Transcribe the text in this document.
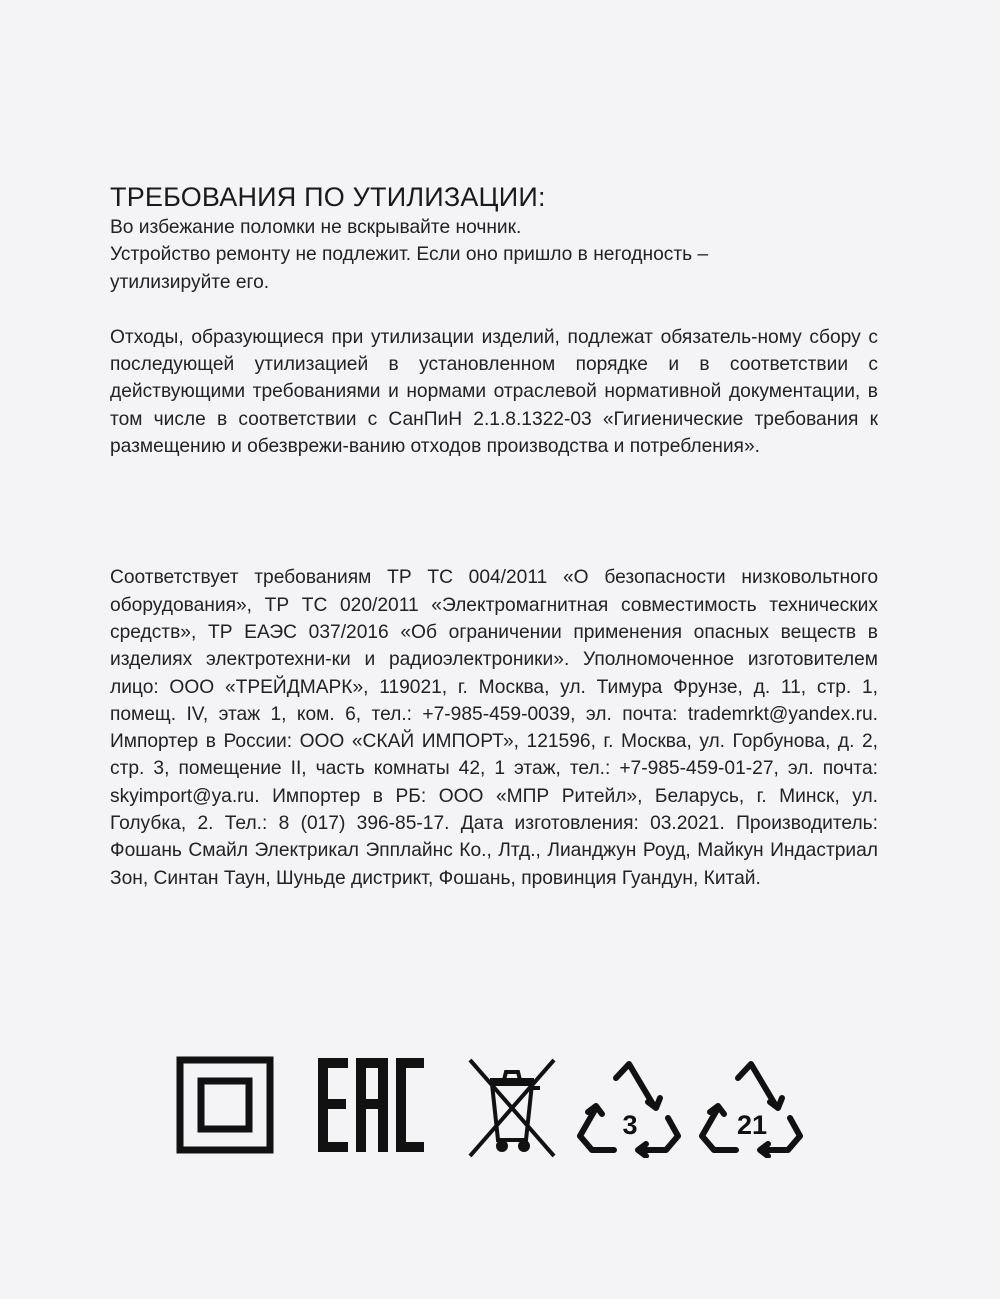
ТРЕБОВАНИЯ ПО УТИЛИЗАЦИИ:

Во избежание поломки не вскрывайте ночник.

Устройство ремонту не подлежит. Если оно пришло в негодность –

утилизируйте его.

Отходы, образующиеся при утилизации изделий, подлежат обязатель-ному сбору с последующей утилизацией в установленном порядке и в соответствии с действующими требованиями и нормами отраслевой нормативной документации, в том числе в соответствии с СанПиН 2.1.8.1322-03 «Гигиенические требования к размещению и обезврежи-ванию отходов производства и потребления».

Соответствует требованиям ТР ТС 004/2011 «О безопасности низковольтного оборудования», ТР ТС 020/2011 «Электромагнитная совместимость технических средств», ТР ЕАЭС 037/2016 «Об ограничении применения опасных веществ в изделиях электротехни-ки и радиоэлектроники». Уполномоченное изготовителем лицо: ООО «ТРЕЙДМАРК», 119021, г. Москва, ул. Тимура Фрунзе, д. 11, стр. 1, помещ. IV, этаж 1, ком. 6, тел.: +7-985-459-0039, эл. почта: trademrkt@yandex.ru. Импортер в России: ООО «СКАЙ ИМПОРТ», 121596, г. Москва, ул. Горбунова, д. 2, стр. 3, помещение II, часть комнаты 42, 1 этаж, тел.: +7-985-459-01-27, эл. почта: skyimport@ya.ru. Импортер в РБ: ООО «МПР Ритейл», Беларусь, г. Минск, ул. Голубка, 2. Тел.: 8 (017) 396-85-17. Дата изготовления: 03.2021. Производитель: Фошань Смайл Электрикал Эпплайнс Ко., Лтд., Лианджун Роуд, Майкун Индастриал Зон, Синтан Таун, Шуньде дистрикт, Фошань, провинция Гуандун, Китай.

3	21
